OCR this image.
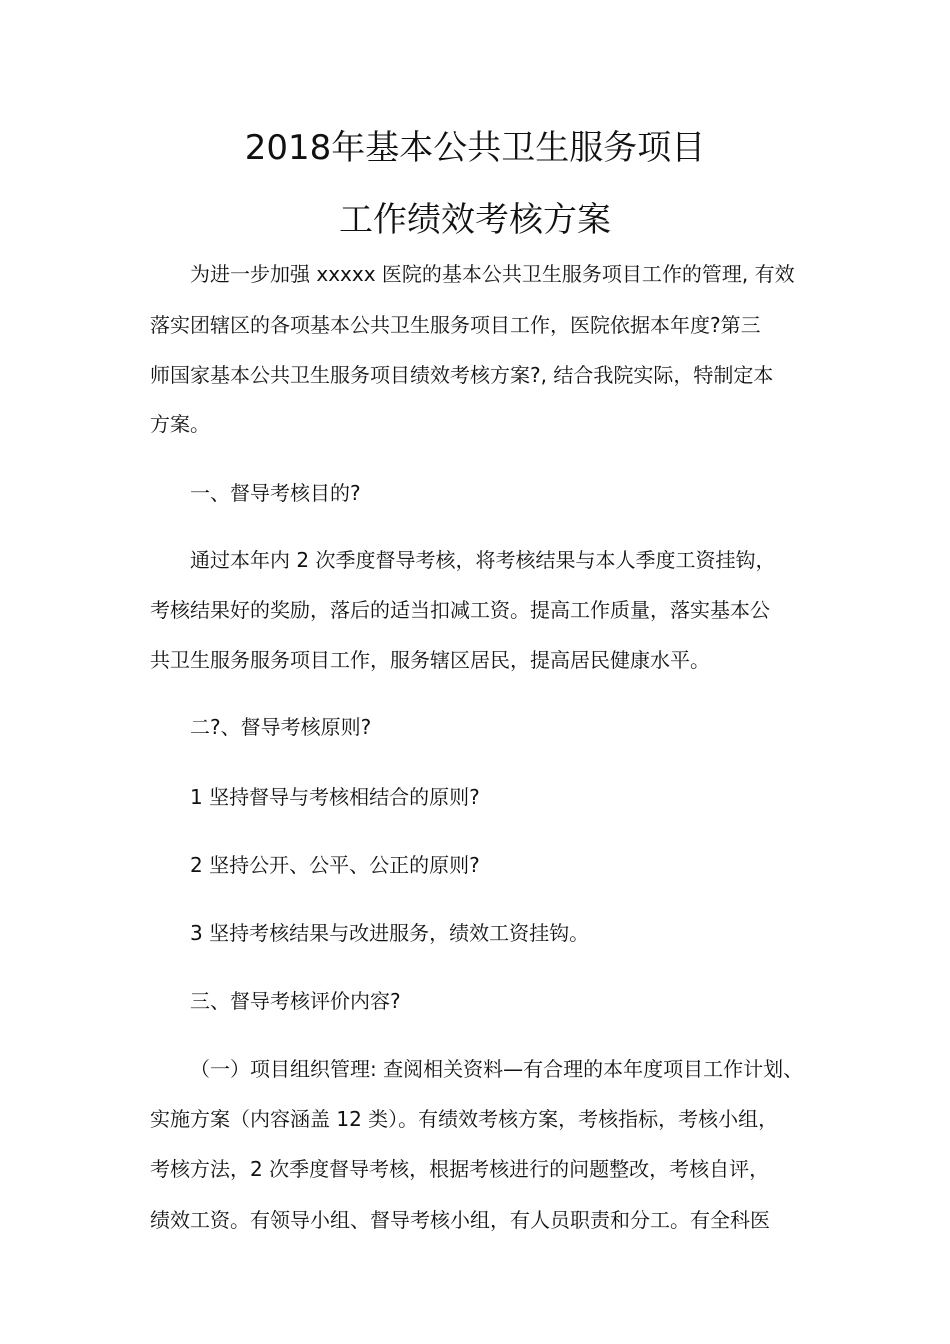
2018年基本公共卫生服务项目
工作绩效考核方案
为进一步加强 xxxxx 医院的基本公共卫生服务项目工作的管理, 有效
落实团辖区的各项基本公共卫生服务项目工作，医院依据本年度?第三
师国家基本公共卫生服务项目绩效考核方案?, 结合我院实际，特制定本
方案。
一、督导考核目的?
通过本年内 2 次季度督导考核，将考核结果与本人季度工资挂钩，
考核结果好的奖励，落后的适当扣减工资。提高工作质量，落实基本公
共卫生服务服务项目工作，服务辖区居民，提高居民健康水平。
二?、督导考核原则?
1 坚持督导与考核相结合的原则?
2 坚持公开、公平、公正的原则?
3 坚持考核结果与改进服务，绩效工资挂钩。
三、督导考核评价内容?
（一）项目组织管理: 查阅相关资料—有合理的本年度项目工作计划、
实施方案（内容涵盖 12 类）。有绩效考核方案，考核指标，考核小组，
考核方法，2 次季度督导考核，根据考核进行的问题整改，考核自评，
绩效工资。有领导小组、督导考核小组，有人员职责和分工。有全科医
